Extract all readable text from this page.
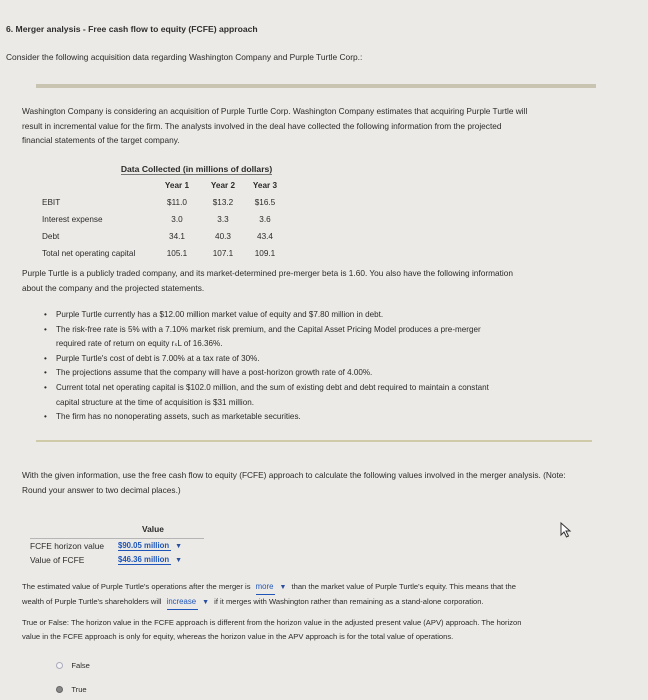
6. Merger analysis - Free cash flow to equity (FCFE) approach
Consider the following acquisition data regarding Washington Company and Purple Turtle Corp.:
Washington Company is considering an acquisition of Purple Turtle Corp. Washington Company estimates that acquiring Purple Turtle will
result in incremental value for the firm. The analysts involved in the deal have collected the following information from the projected
financial statements of the target company.
	Data Collected (in millions of dollars)			
		Year 1	Year 2	Year 3
EBIT		$11.0	$13.2	$16.5
Interest expense		3.0	3.3	3.6
Debt		34.1	40.3	43.4
Total net operating capital		105.1	107.1	109.1
Purple Turtle is a publicly traded company, and its market-determined pre-merger beta is 1.60. You also have the following information
about the company and the projected statements.
• Purple Turtle currently has a $12.00 million market value of equity and $7.80 million in debt.
• The risk-free rate is 5% with a 7.10% market risk premium, and the Capital Asset Pricing Model produces a pre-merger
required rate of return on equity rₛL of 16.36%.
• Purple Turtle's cost of debt is 7.00% at a tax rate of 30%.
• The projections assume that the company will have a post-horizon growth rate of 4.00%.
• Current total net operating capital is $102.0 million, and the sum of existing debt and debt required to maintain a constant
capital structure at the time of acquisition is $31 million.
• The firm has no nonoperating assets, such as marketable securities.
With the given information, use the free cash flow to equity (FCFE) approach to calculate the following values involved in the merger analysis. (Note:
Round your answer to two decimal places.)
Value
FCFE horizon value $90.05 million ▼
Value of FCFE	$46.36 million ▼
The estimated value of Purple Turtle's operations after the merger is more ▼ than the market value of Purple Turtle's equity. This means that the
wealth of Purple Turtle's shareholders will increase ▼ if it merges with Washington rather than remaining as a stand-alone corporation.
True or False: The horizon value in the FCFE approach is different from the horizon value in the adjusted present value (APV) approach. The horizon
value in the FCFE approach is only for equity, whereas the horizon value in the APV approach is for the total value of operations.
False
True
